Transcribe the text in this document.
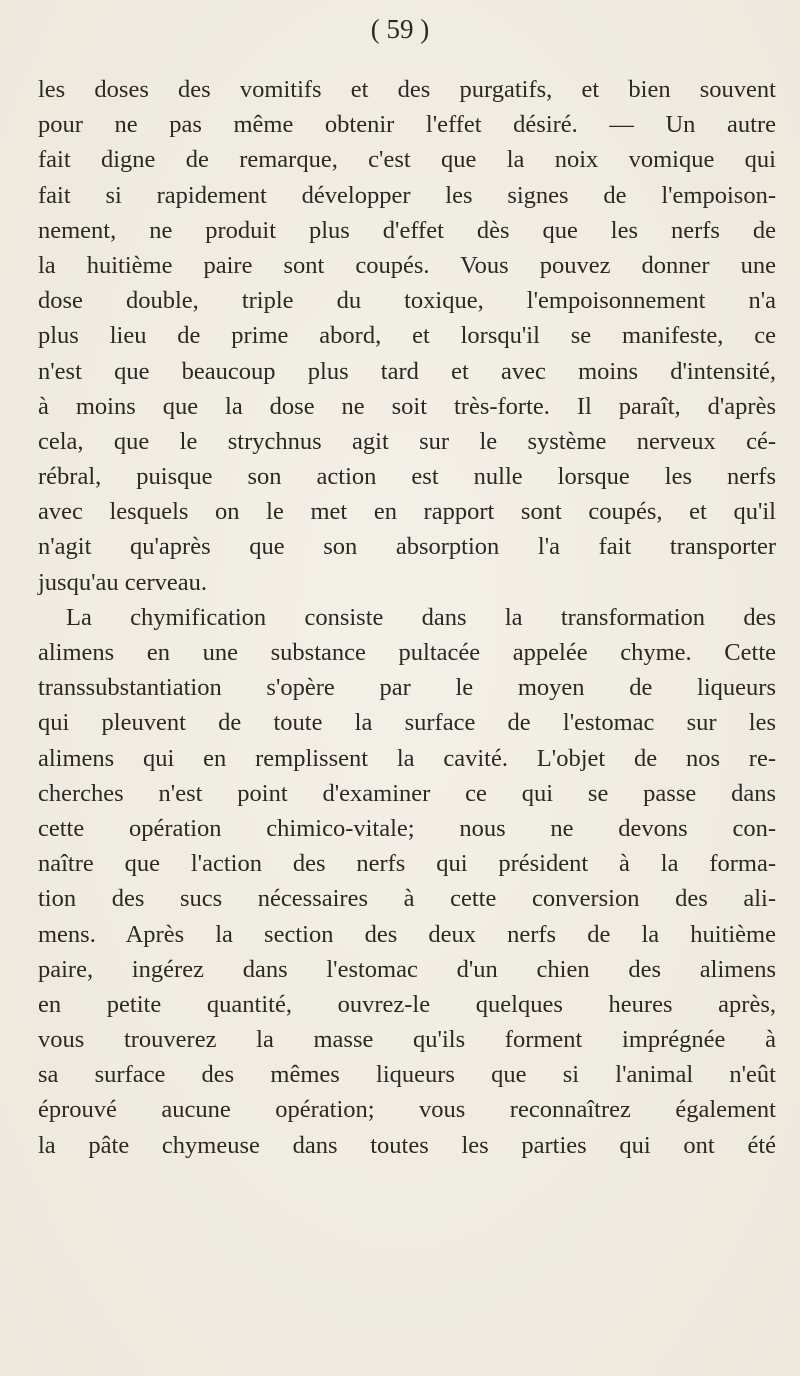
( 59 )
les doses des vomitifs et des purgatifs, et bien souvent
pour ne pas même obtenir l'effet désiré. — Un autre
fait digne de remarque, c'est que la noix vomique qui
fait si rapidement développer les signes de l'empoison-
nement, ne produit plus d'effet dès que les nerfs de
la huitième paire sont coupés. Vous pouvez donner une
dose double, triple du toxique, l'empoisonnement n'a
plus lieu de prime abord, et lorsqu'il se manifeste, ce
n'est que beaucoup plus tard et avec moins d'intensité,
à moins que la dose ne soit très-forte. Il paraît, d'après
cela, que le strychnus agit sur le système nerveux cé-
rébral, puisque son action est nulle lorsque les nerfs
avec lesquels on le met en rapport sont coupés, et qu'il
n'agit qu'après que son absorption l'a fait transporter
jusqu'au cerveau.
La chymification consiste dans la transformation des
alimens en une substance pultacée appelée chyme. Cette
transsubstantiation s'opère par le moyen de liqueurs
qui pleuvent de toute la surface de l'estomac sur les
alimens qui en remplissent la cavité. L'objet de nos re-
cherches n'est point d'examiner ce qui se passe dans
cette opération chimico-vitale; nous ne devons con-
naître que l'action des nerfs qui président à la forma-
tion des sucs nécessaires à cette conversion des ali-
mens. Après la section des deux nerfs de la huitième
paire, ingérez dans l'estomac d'un chien des alimens
en petite quantité, ouvrez-le quelques heures après,
vous trouverez la masse qu'ils forment imprégnée à
sa surface des mêmes liqueurs que si l'animal n'eût
éprouvé aucune opération; vous reconnaîtrez également
la pâte chymeuse dans toutes les parties qui ont été
